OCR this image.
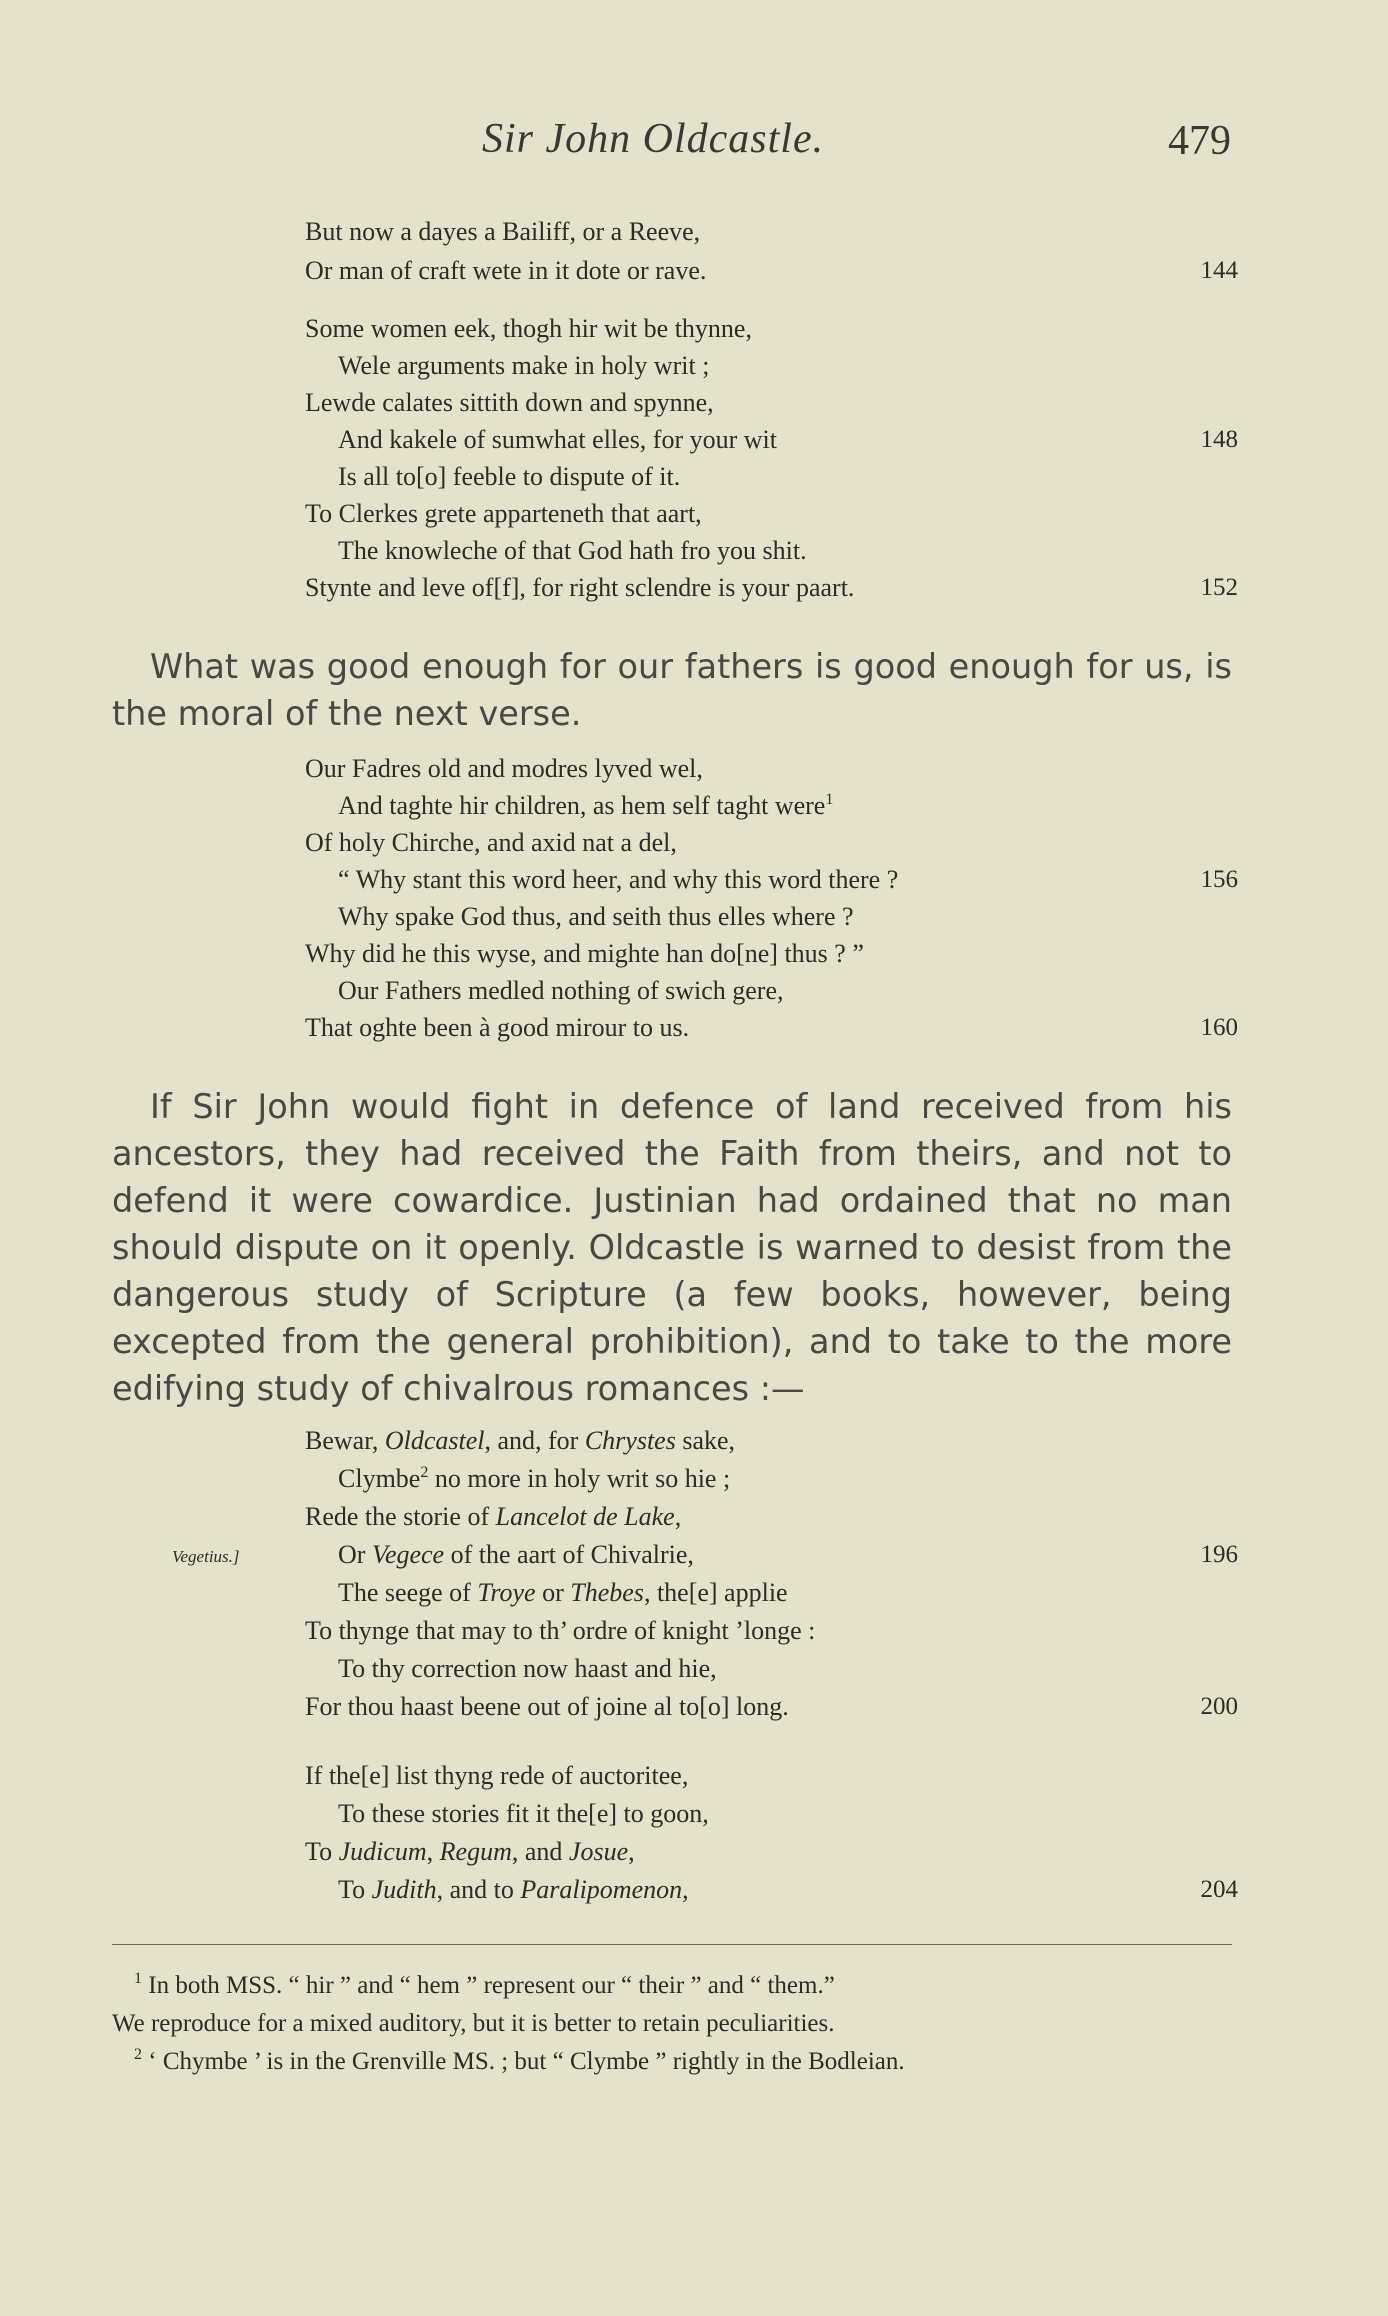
Sir John Oldcastle.	479
But now a dayes a Bailiff, or a Reeve,
Or man of craft wete in it dote or rave.	144
Some women eek, thogh hir wit be thynne,
Wele arguments make in holy writ ;
Lewde calates sittith down and spynne,
And kakele of sumwhat elles, for your wit	148
Is all to[o] feeble to dispute of it.
To Clerkes grete apparteneth that aart,
The knowleche of that God hath fro you shit.
Stynte and leve of[f], for right sclendre is your paart.	152

What was good enough for our fathers is good enough for us, is the moral of the next verse.

Our Fadres old and modres lyved wel,
And taghte hir children, as hem self taght were$^1$
Of holy Chirche, and axid nat a del,
“ Why stant this word heer, and why this word there ?	156
Why spake God thus, and seith thus elles where ?
Why did he this wyse, and mighte han do[ne] thus ? ”
Our Fathers medled nothing of swich gere,
That oghte been à good mirour to us.	160

If Sir John would fight in defence of land received from his ancestors, they had received the Faith from theirs, and not to defend it were cowardice. Justinian had ordained that no man should dispute on it openly. Oldcastle is warned to desist from the dangerous study of Scripture (a few books, however, being excepted from the general prohibition), and to take to the more edifying study of chivalrous romances :—

Bewar, Oldcastel, and, for Chrystes sake,
Clymbe$^2$ no more in holy writ so hie ;
Rede the storie of Lancelot de Lake,
Vegetius.]	Or Vegece of the aart of Chivalrie,	196
The seege of Troye or Thebes, the[e] applie
To thynge that may to th’ ordre of knight ’longe :
To thy correction now haast and hie,
For thou haast beene out of joine al to[o] long.	200
If the[e] list thyng rede of auctoritee,
To these stories fit it the[e] to goon,
To Judicum, Regum, and Josue,
To Judith, and to Paralipomenon,	204

$^1$ In both MSS. “ hir ” and “ hem ” represent our “ their ” and “ them.”

We reproduce for a mixed auditory, but it is better to retain peculiarities.

$^2$ ‘ Chymbe ’ is in the Grenville MS. ; but “ Clymbe ” rightly in the Bodleian.
